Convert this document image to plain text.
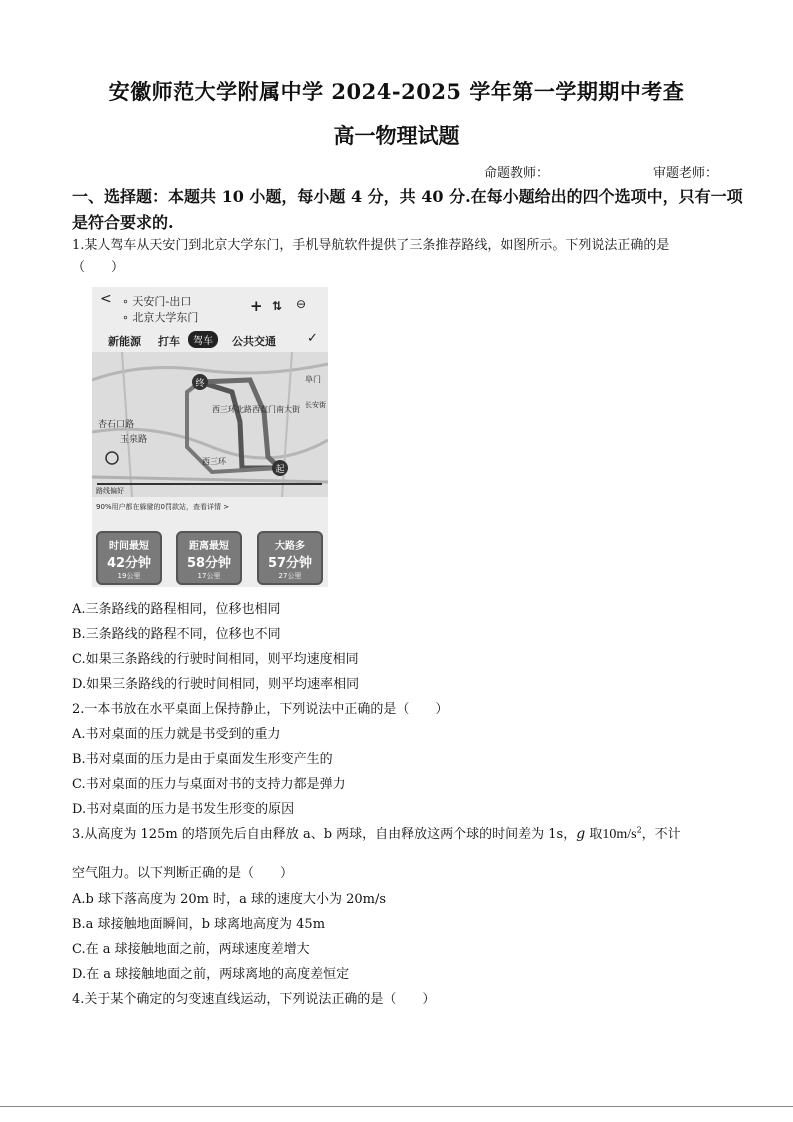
安徽师范大学附属中学 2024-2025 学年第一学期期中考查
高一物理试题
命题教师：	审题老师：
一、选择题：本题共 10 小题，每小题 4 分，共 40 分.在每小题给出的四个选项中，只有一项
是符合要求的.
1.某人驾车从天安门到北京大学东门，手机导航软件提供了三条推荐路线，如图所示。下列说法正确的是
（　　）
< ∘ 天安门-出口
∘ 北京大学东门
+ ⇅ ⊖
新能源 打车	驾车	公共交通 ✓
终
起
杏石口路
玉泉路
西三环
西三环北路西直门南大街 长安街
阜门
路线偏好
90%用户都在躲避的0罚款站，查看详情 >
时间最短
42分钟
19公里
距离最短
58分钟
17公里
大路多
57分钟
27公里
A.三条路线的路程相同，位移也相同
B.三条路线的路程不同，位移也不同
C.如果三条路线的行驶时间相同，则平均速度相同
D.如果三条路线的行驶时间相同，则平均速率相同
2.一本书放在水平桌面上保持静止，下列说法中正确的是（　　）
A.书对桌面的压力就是书受到的重力
B.书对桌面的压力是由于桌面发生形变产生的
C.书对桌面的压力与桌面对书的支持力都是弹力
D.书对桌面的压力是书发生形变的原因
3.从高度为 125m 的塔顶先后自由释放 a、b 两球，自由释放这两个球的时间差为 1s，g 取$10m/s^2$，不计
空气阻力。以下判断正确的是（　　）
A.b 球下落高度为 20m 时，a 球的速度大小为 20m/s
B.a 球接触地面瞬间，b 球离地高度为 45m
C.在 a 球接触地面之前，两球速度差增大
D.在 a 球接触地面之前，两球离地的高度差恒定
4.关于某个确定的匀变速直线运动，下列说法正确的是（　　）
